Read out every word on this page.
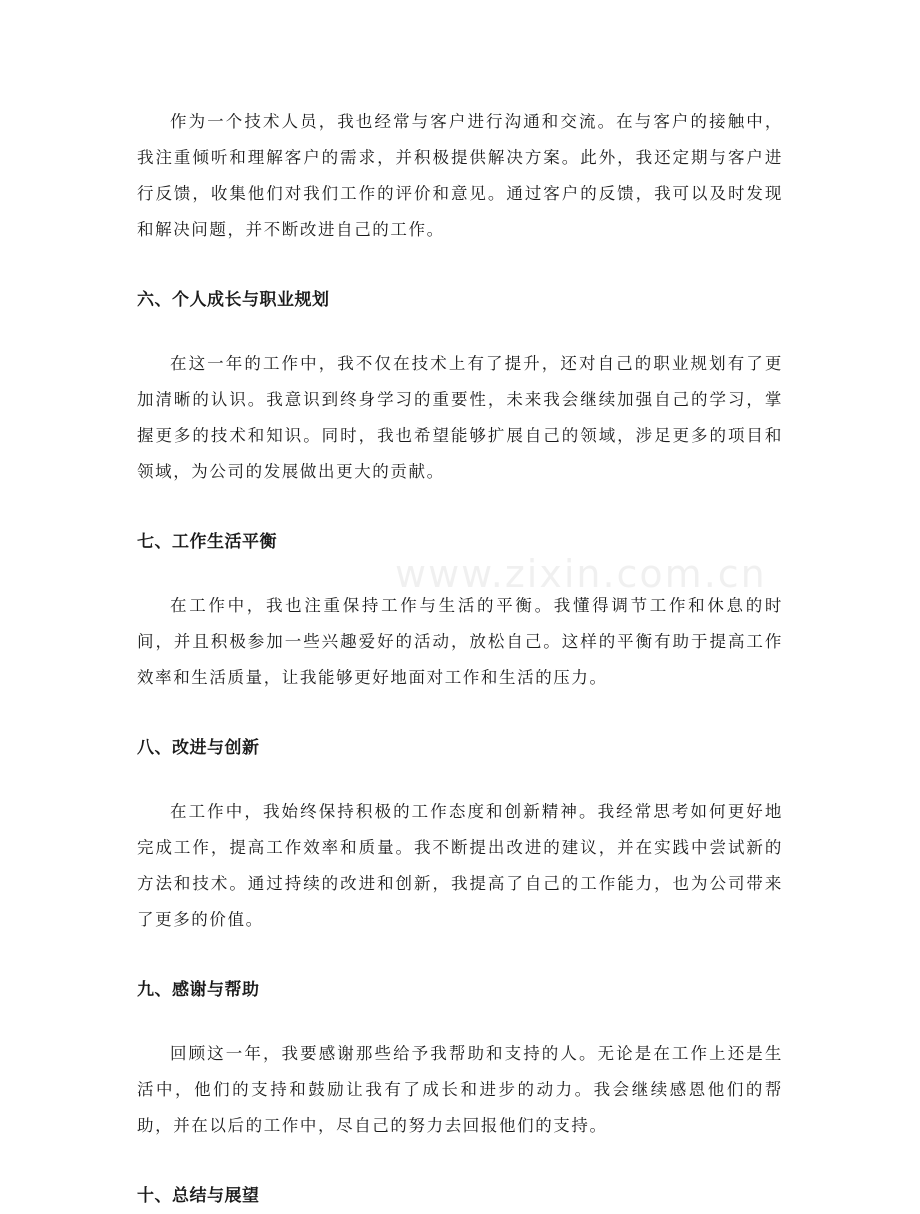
作为一个技术人员，我也经常与客户进行沟通和交流。在与客户的接触中，我注重倾听和理解客户的需求，并积极提供解决方案。此外，我还定期与客户进行反馈，收集他们对我们工作的评价和意见。通过客户的反馈，我可以及时发现和解决问题，并不断改进自己的工作。

六、个人成长与职业规划

在这一年的工作中，我不仅在技术上有了提升，还对自己的职业规划有了更加清晰的认识。我意识到终身学习的重要性，未来我会继续加强自己的学习，掌握更多的技术和知识。同时，我也希望能够扩展自己的领域，涉足更多的项目和领域，为公司的发展做出更大的贡献。

七、工作生活平衡

在工作中，我也注重保持工作与生活的平衡。我懂得调节工作和休息的时间，并且积极参加一些兴趣爱好的活动，放松自己。这样的平衡有助于提高工作效率和生活质量，让我能够更好地面对工作和生活的压力。

八、改进与创新

在工作中，我始终保持积极的工作态度和创新精神。我经常思考如何更好地完成工作，提高工作效率和质量。我不断提出改进的建议，并在实践中尝试新的方法和技术。通过持续的改进和创新，我提高了自己的工作能力，也为公司带来了更多的价值。

九、感谢与帮助

回顾这一年，我要感谢那些给予我帮助和支持的人。无论是在工作上还是生活中，他们的支持和鼓励让我有了成长和进步的动力。我会继续感恩他们的帮助，并在以后的工作中，尽自己的努力去回报他们的支持。

十、总结与展望
www.zixin.com.cn
